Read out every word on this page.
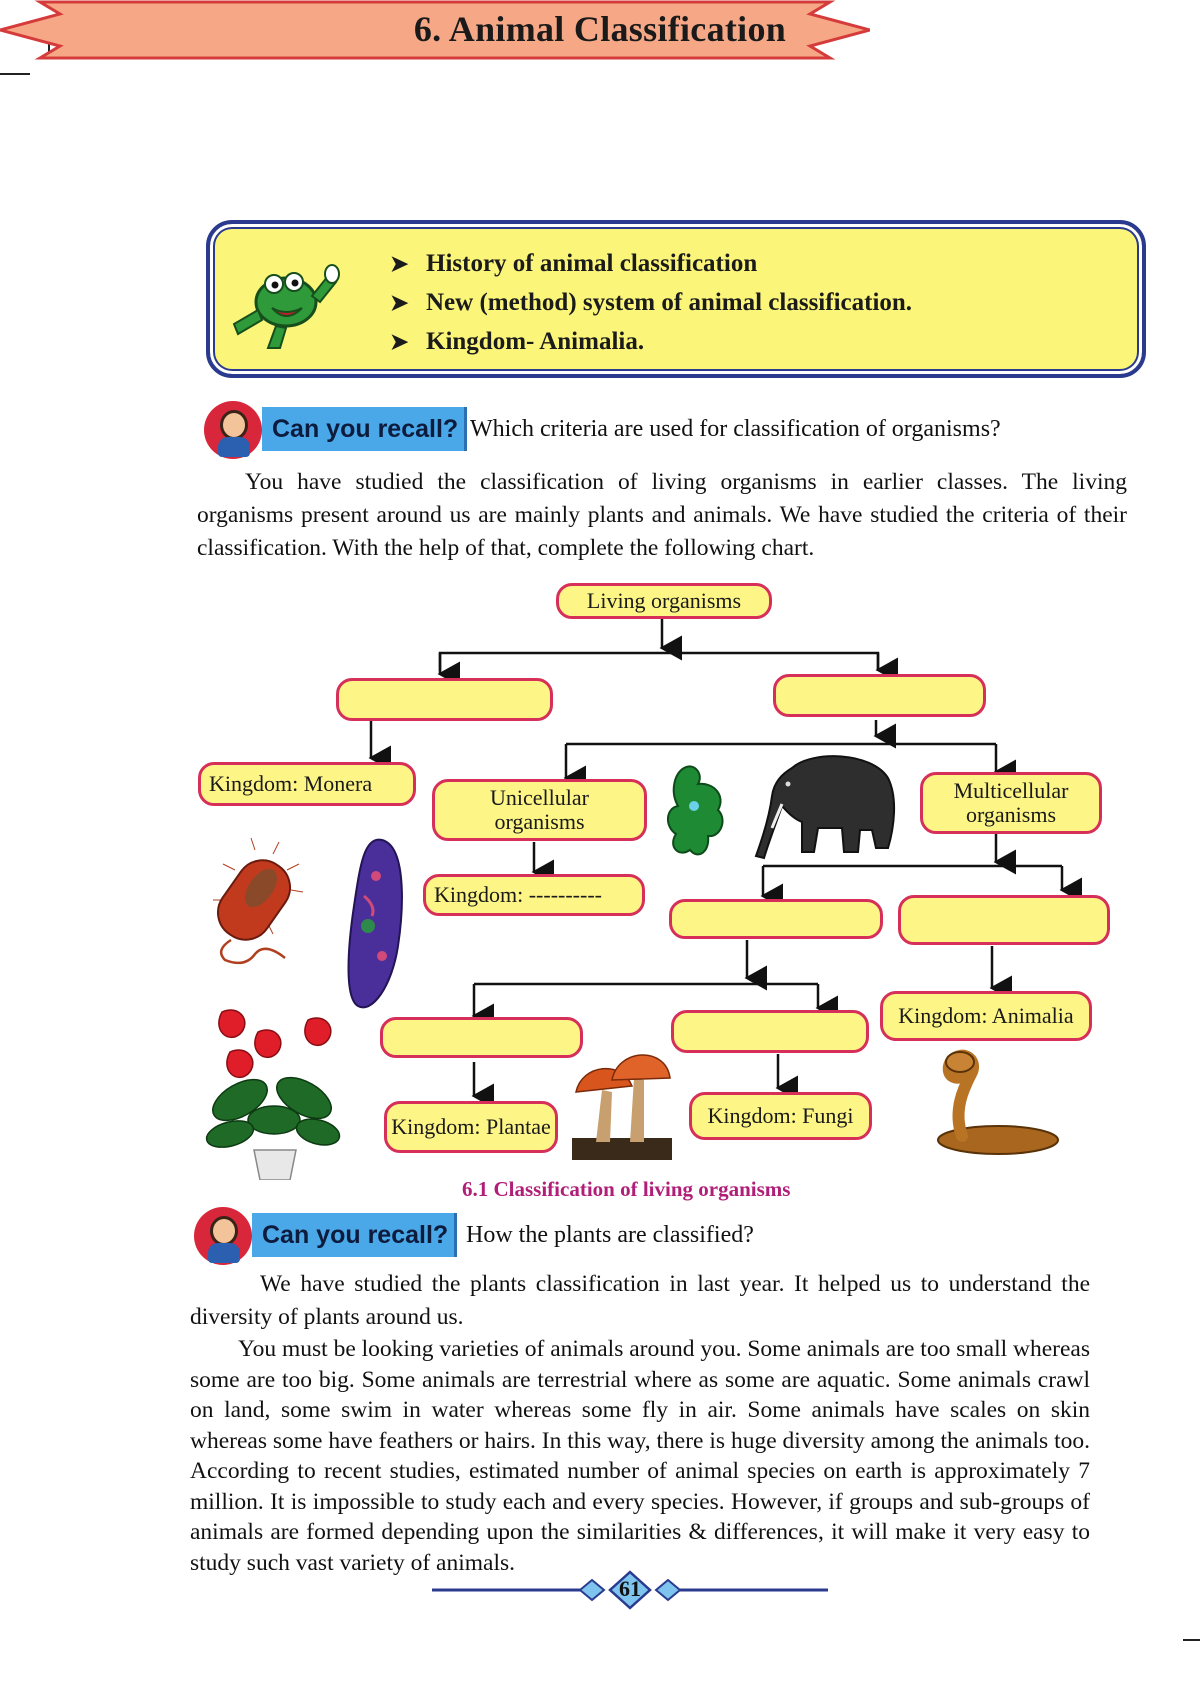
6. Animal Classification
➤ History of animal classification
➤ New (method) system of animal classification.
➤ Kingdom- Animalia.
Can you recall? Which criteria are used for classification of organisms?

You have studied the classification of living organisms in earlier classes. The living organisms present around us are mainly plants and animals. We have studied the criteria of their classification. With the help of that, complete the following chart.

Living organisms
Kingdom: Monera
Unicellular organisms
Multicellular organisms
Kingdom: ----------
Kingdom: Animalia
Kingdom: Plantae	Kingdom: Fungi
6.1 Classification of living organisms
Can you recall? How the plants are classified?

We have studied the plants classification in last year. It helped us to understand the diversity of plants around us.

You must be looking varieties of animals around you. Some animals are too small whereas some are too big. Some animals are terrestrial where as some are aquatic. Some animals crawl on land, some swim in water whereas some fly in air. Some animals have scales on skin whereas some have feathers or hairs. In this way, there is huge diversity among the animals too. According to recent studies, estimated number of animal species on earth is approximately 7 million. It is impossible to study each and every species. However, if groups and sub-groups of animals are formed depending upon the similarities & differences, it will make it very easy to study such vast variety of animals.

61
